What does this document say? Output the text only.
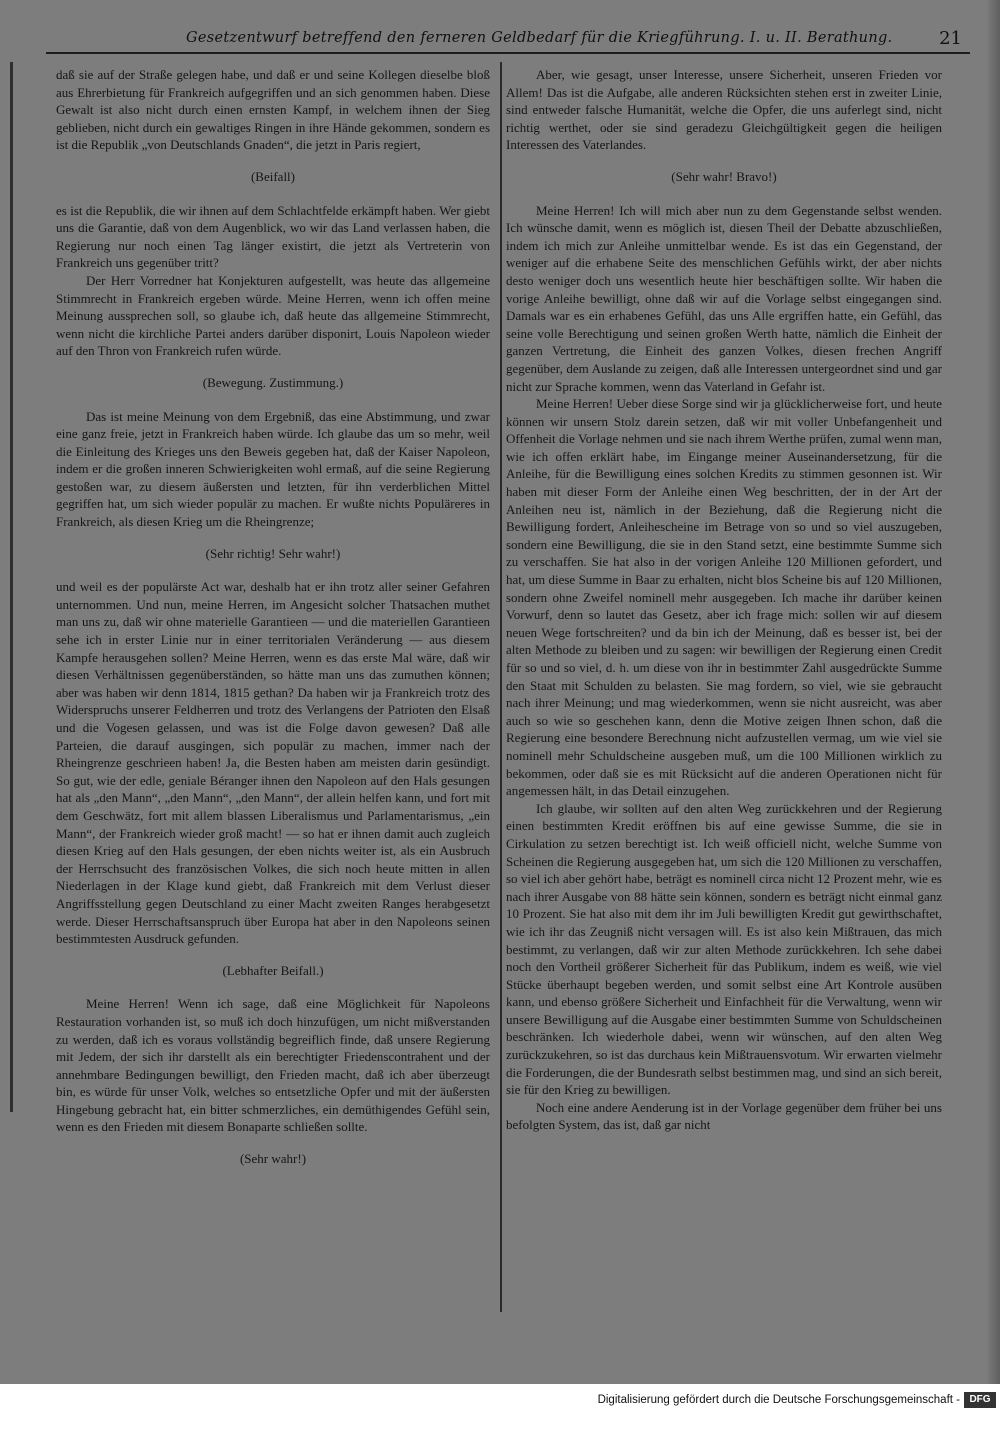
Gesetzentwurf betreffend den ferneren Geldbedarf für die Kriegführung. I. u. II. Berathung.	21

daß sie auf der Straße gelegen habe, und daß er und seine Kollegen dieselbe bloß aus Ehrerbietung für Frankreich aufgegriffen und an sich genommen haben. Diese Gewalt ist also nicht durch einen ernsten Kampf, in welchem ihnen der Sieg geblieben, nicht durch ein gewaltiges Ringen in ihre Hände gekommen, sondern es ist die Republik „von Deutschlands Gnaden“, die jetzt in Paris regiert,

(Beifall)

es ist die Republik, die wir ihnen auf dem Schlachtfelde erkämpft haben. Wer giebt uns die Garantie, daß von dem Augenblick, wo wir das Land verlassen haben, die Regierung nur noch einen Tag länger existirt, die jetzt als Vertreterin von Frankreich uns gegenüber tritt?

Der Herr Vorredner hat Konjekturen aufgestellt, was heute das allgemeine Stimmrecht in Frankreich ergeben würde. Meine Herren, wenn ich offen meine Meinung aussprechen soll, so glaube ich, daß heute das allgemeine Stimmrecht, wenn nicht die kirchliche Partei anders darüber disponirt, Louis Napoleon wieder auf den Thron von Frankreich rufen würde.

(Bewegung. Zustimmung.)

Das ist meine Meinung von dem Ergebniß, das eine Abstimmung, und zwar eine ganz freie, jetzt in Frankreich haben würde. Ich glaube das um so mehr, weil die Einleitung des Krieges uns den Beweis gegeben hat, daß der Kaiser Napoleon, indem er die großen inneren Schwierigkeiten wohl ermaß, auf die seine Regierung gestoßen war, zu diesem äußersten und letzten, für ihn verderblichen Mittel gegriffen hat, um sich wieder populär zu machen. Er wußte nichts Populäreres in Frankreich, als diesen Krieg um die Rheingrenze;

(Sehr richtig! Sehr wahr!)

und weil es der populärste Act war, deshalb hat er ihn trotz aller seiner Gefahren unternommen. Und nun, meine Herren, im Angesicht solcher Thatsachen muthet man uns zu, daß wir ohne materielle Garantieen — und die materiellen Garantieen sehe ich in erster Linie nur in einer territorialen Veränderung — aus diesem Kampfe herausgehen sollen? Meine Herren, wenn es das erste Mal wäre, daß wir diesen Verhältnissen gegenüberständen, so hätte man uns das zumuthen können; aber was haben wir denn 1814, 1815 gethan? Da haben wir ja Frankreich trotz des Widerspruchs unserer Feldherren und trotz des Verlangens der Patrioten den Elsaß und die Vogesen gelassen, und was ist die Folge davon gewesen? Daß alle Parteien, die darauf ausgingen, sich populär zu machen, immer nach der Rheingrenze geschrieen haben! Ja, die Besten haben am meisten darin gesündigt. So gut, wie der edle, geniale Béranger ihnen den Napoleon auf den Hals gesungen hat als „den Mann“, „den Mann“, „den Mann“, der allein helfen kann, und fort mit dem Geschwätz, fort mit allem blassen Liberalismus und Parlamentarismus, „ein Mann“, der Frankreich wieder groß macht! — so hat er ihnen damit auch zugleich diesen Krieg auf den Hals gesungen, der eben nichts weiter ist, als ein Ausbruch der Herrschsucht des französischen Volkes, die sich noch heute mitten in allen Niederlagen in der Klage kund giebt, daß Frankreich mit dem Verlust dieser Angriffsstellung gegen Deutschland zu einer Macht zweiten Ranges herabgesetzt werde. Dieser Herrschaftsanspruch über Europa hat aber in den Napoleons seinen bestimmtesten Ausdruck gefunden.

(Lebhafter Beifall.)

Meine Herren! Wenn ich sage, daß eine Möglichkeit für Napoleons Restauration vorhanden ist, so muß ich doch hinzufügen, um nicht mißverstanden zu werden, daß ich es voraus vollständig begreiflich finde, daß unsere Regierung mit Jedem, der sich ihr darstellt als ein berechtigter Friedenscontrahent und der annehmbare Bedingungen bewilligt, den Frieden macht, daß ich aber überzeugt bin, es würde für unser Volk, welches so entsetzliche Opfer und mit der äußersten Hingebung gebracht hat, ein bitter schmerzliches, ein demüthigendes Gefühl sein, wenn es den Frieden mit diesem Bonaparte schließen sollte.

(Sehr wahr!)

Aber, wie gesagt, unser Interesse, unsere Sicherheit, unseren Frieden vor Allem! Das ist die Aufgabe, alle anderen Rücksichten stehen erst in zweiter Linie, sind entweder falsche Humanität, welche die Opfer, die uns auferlegt sind, nicht richtig werthet, oder sie sind geradezu Gleichgültigkeit gegen die heiligen Interessen des Vaterlandes.

(Sehr wahr! Bravo!)

Meine Herren! Ich will mich aber nun zu dem Gegenstande selbst wenden. Ich wünsche damit, wenn es möglich ist, diesen Theil der Debatte abzuschließen, indem ich mich zur Anleihe unmittelbar wende. Es ist das ein Gegenstand, der weniger auf die erhabene Seite des menschlichen Gefühls wirkt, der aber nichts desto weniger doch uns wesentlich heute hier beschäftigen sollte. Wir haben die vorige Anleihe bewilligt, ohne daß wir auf die Vorlage selbst eingegangen sind. Damals war es ein erhabenes Gefühl, das uns Alle ergriffen hatte, ein Gefühl, das seine volle Berechtigung und seinen großen Werth hatte, nämlich die Einheit der ganzen Vertretung, die Einheit des ganzen Volkes, diesen frechen Angriff gegenüber, dem Auslande zu zeigen, daß alle Interessen untergeordnet sind und gar nicht zur Sprache kommen, wenn das Vaterland in Gefahr ist.

Meine Herren! Ueber diese Sorge sind wir ja glücklicherweise fort, und heute können wir unsern Stolz darein setzen, daß wir mit voller Unbefangenheit und Offenheit die Vorlage nehmen und sie nach ihrem Werthe prüfen, zumal wenn man, wie ich offen erklärt habe, im Eingange meiner Auseinandersetzung, für die Anleihe, für die Bewilligung eines solchen Kredits zu stimmen gesonnen ist. Wir haben mit dieser Form der Anleihe einen Weg beschritten, der in der Art der Anleihen neu ist, nämlich in der Beziehung, daß die Regierung nicht die Bewilligung fordert, Anleihescheine im Betrage von so und so viel auszugeben, sondern eine Bewilligung, die sie in den Stand setzt, eine bestimmte Summe sich zu verschaffen. Sie hat also in der vorigen Anleihe 120 Millionen gefordert, und hat, um diese Summe in Baar zu erhalten, nicht blos Scheine bis auf 120 Millionen, sondern ohne Zweifel nominell mehr ausgegeben. Ich mache ihr darüber keinen Vorwurf, denn so lautet das Gesetz, aber ich frage mich: sollen wir auf diesem neuen Wege fortschreiten? und da bin ich der Meinung, daß es besser ist, bei der alten Methode zu bleiben und zu sagen: wir bewilligen der Regierung einen Credit für so und so viel, d. h. um diese von ihr in bestimmter Zahl ausgedrückte Summe den Staat mit Schulden zu belasten. Sie mag fordern, so viel, wie sie gebraucht nach ihrer Meinung; und mag wiederkommen, wenn sie nicht ausreicht, was aber auch so wie so geschehen kann, denn die Motive zeigen Ihnen schon, daß die Regierung eine besondere Berechnung nicht aufzustellen vermag, um wie viel sie nominell mehr Schuldscheine ausgeben muß, um die 100 Millionen wirklich zu bekommen, oder daß sie es mit Rücksicht auf die anderen Operationen nicht für angemessen hält, in das Detail einzugehen.

Ich glaube, wir sollten auf den alten Weg zurückkehren und der Regierung einen bestimmten Kredit eröffnen bis auf eine gewisse Summe, die sie in Cirkulation zu setzen berechtigt ist. Ich weiß officiell nicht, welche Summe von Scheinen die Regierung ausgegeben hat, um sich die 120 Millionen zu verschaffen, so viel ich aber gehört habe, beträgt es nominell circa nicht 12 Prozent mehr, wie es nach ihrer Ausgabe von 88 hätte sein können, sondern es beträgt nicht einmal ganz 10 Prozent. Sie hat also mit dem ihr im Juli bewilligten Kredit gut gewirthschaftet, wie ich ihr das Zeugniß nicht versagen will. Es ist also kein Mißtrauen, das mich bestimmt, zu verlangen, daß wir zur alten Methode zurückkehren. Ich sehe dabei noch den Vortheil größerer Sicherheit für das Publikum, indem es weiß, wie viel Stücke überhaupt begeben werden, und somit selbst eine Art Kontrole ausüben kann, und ebenso größere Sicherheit und Einfachheit für die Verwaltung, wenn wir unsere Bewilligung auf die Ausgabe einer bestimmten Summe von Schuldscheinen beschränken. Ich wiederhole dabei, wenn wir wünschen, auf den alten Weg zurückzukehren, so ist das durchaus kein Mißtrauensvotum. Wir erwarten vielmehr die Forderungen, die der Bundesrath selbst bestimmen mag, und sind an sich bereit, sie für den Krieg zu bewilligen.

Noch eine andere Aenderung ist in der Vorlage gegenüber dem früher bei uns befolgten System, das ist, daß gar nicht

Digitalisierung gefördert durch die Deutsche Forschungsgemeinschaft - DFG
